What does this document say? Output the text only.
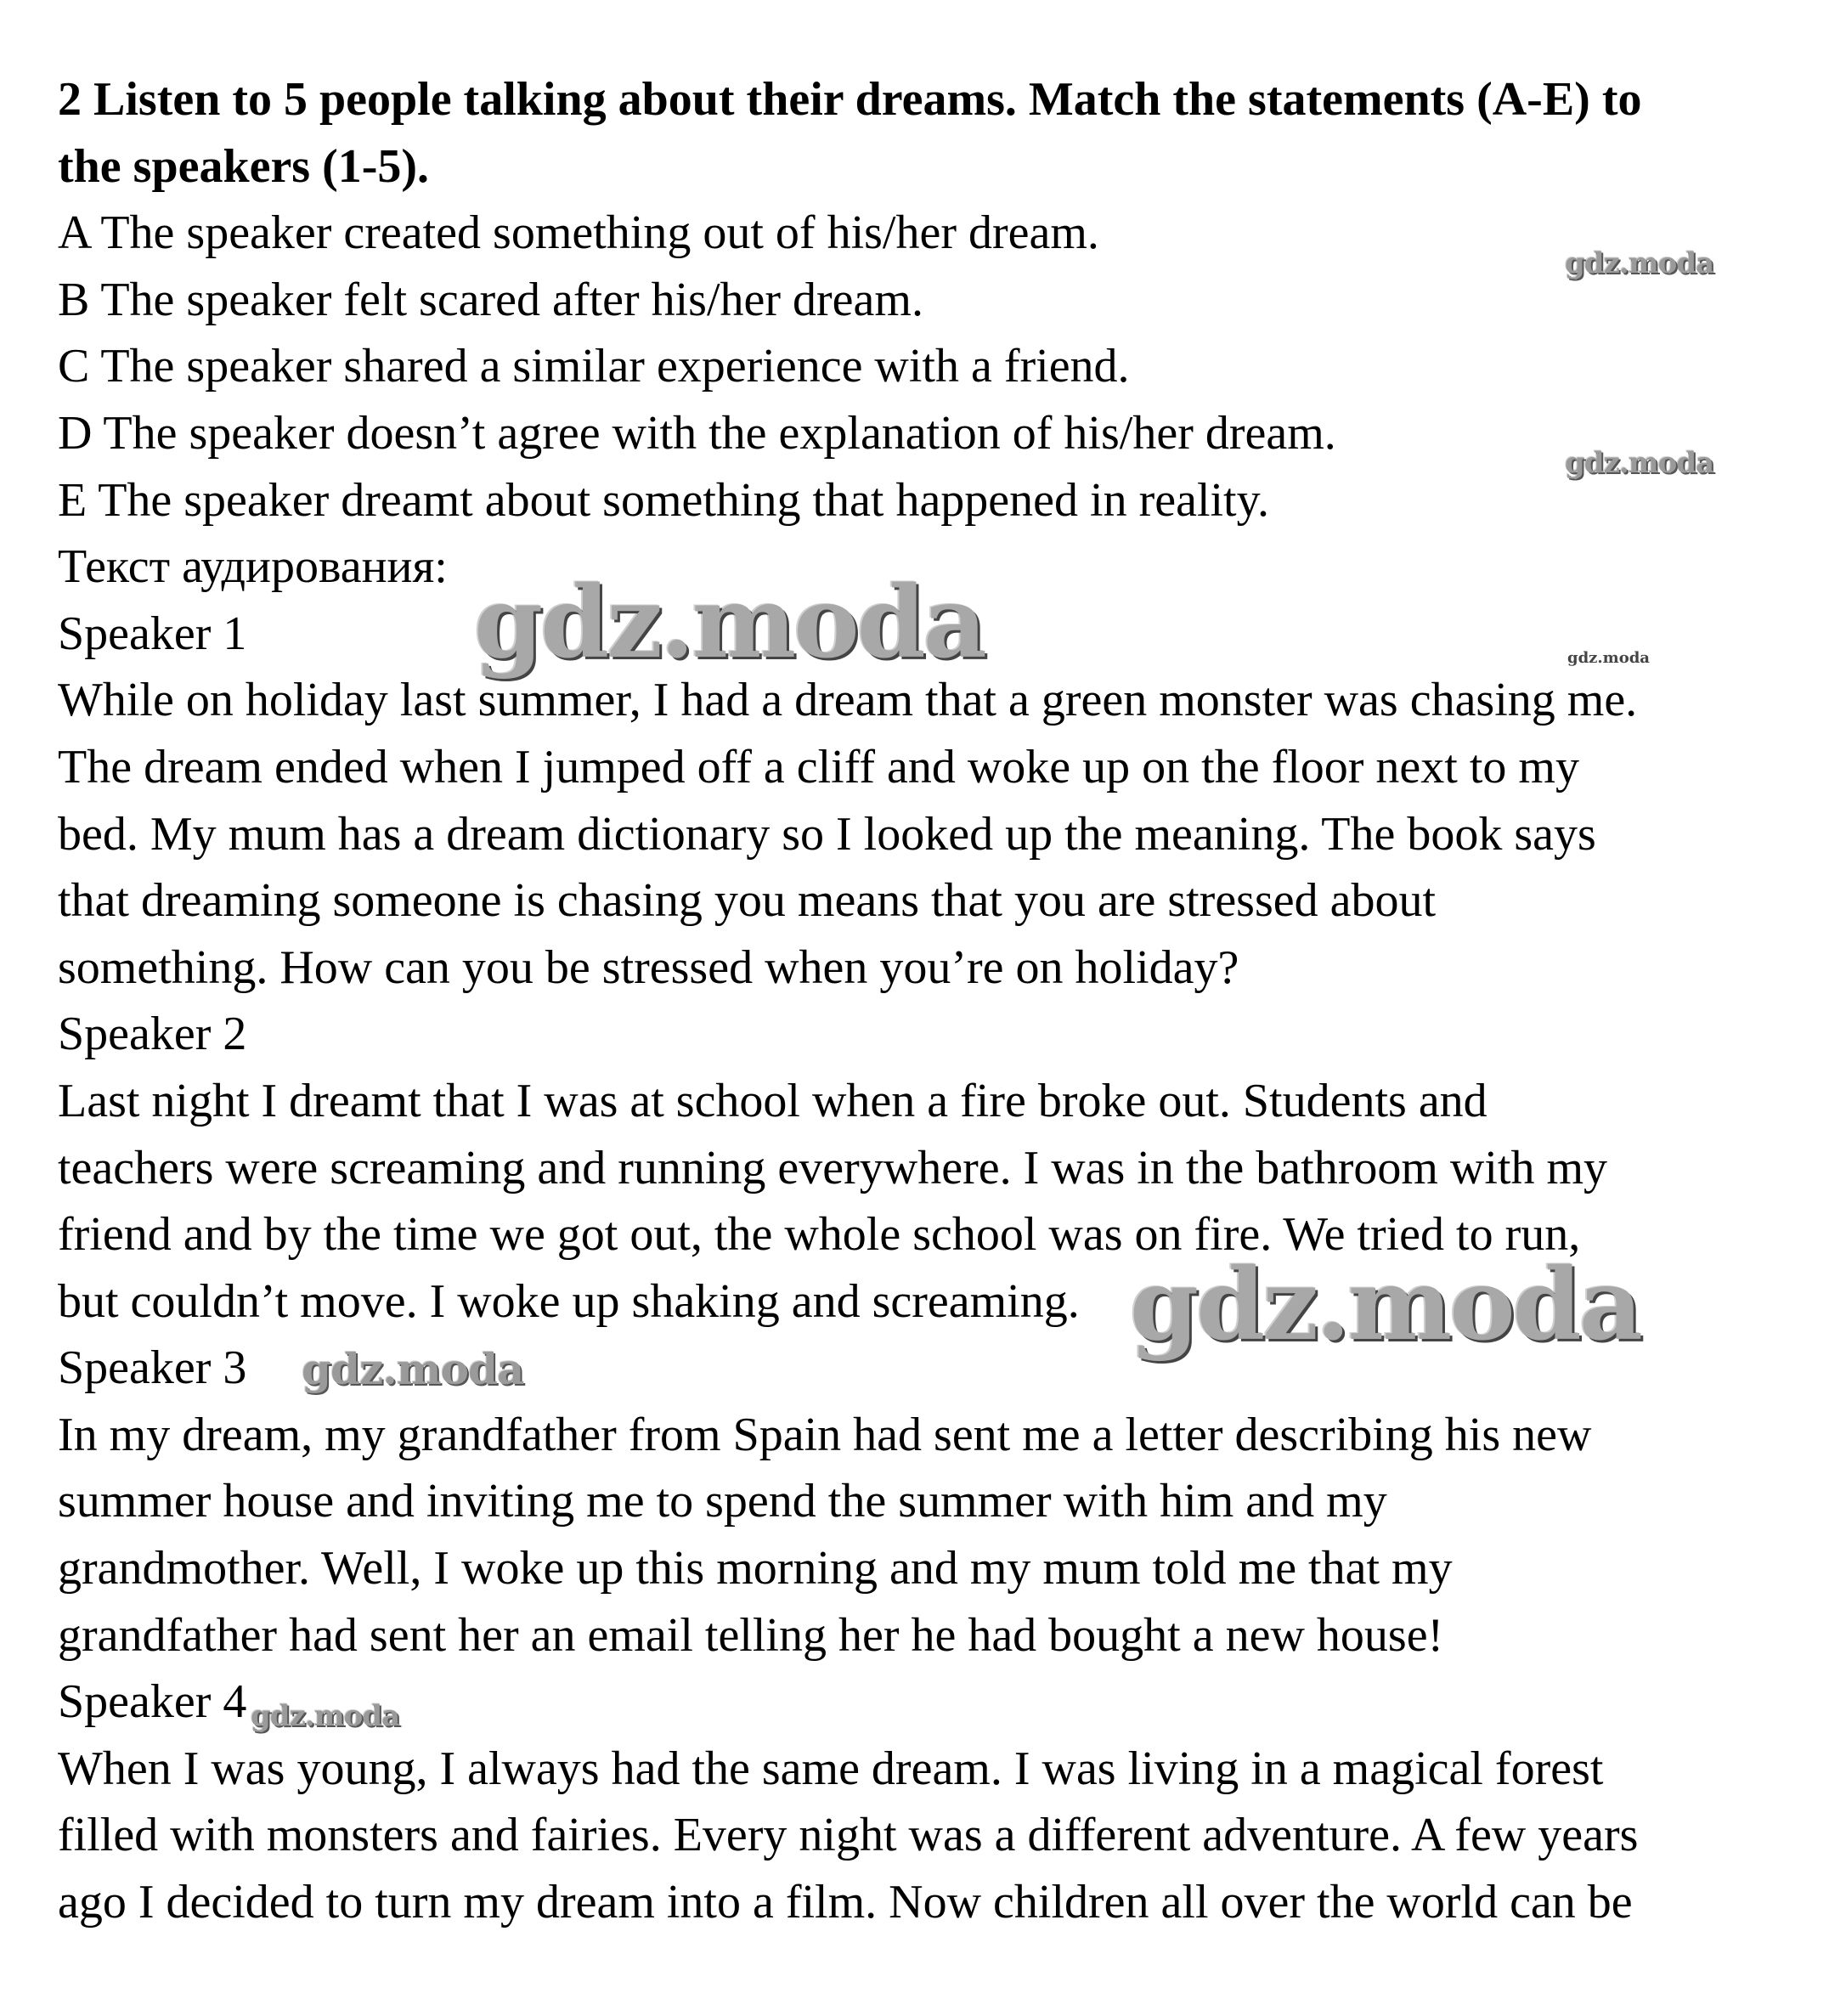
2 Listen to 5 people talking about their dreams. Match the statements (A-E) to
the speakers (1-5).
A The speaker created something out of his/her dream.
B The speaker felt scared after his/her dream.
C The speaker shared a similar experience with a friend.
D The speaker doesn’t agree with the explanation of his/her dream.
E The speaker dreamt about something that happened in reality.
Текст аудирования:
Speaker 1
While on holiday last summer, I had a dream that a green monster was chasing me.
The dream ended when I jumped off a cliff and woke up on the floor next to my
bed. My mum has a dream dictionary so I looked up the meaning. The book says
that dreaming someone is chasing you means that you are stressed about
something. How can you be stressed when you’re on holiday?
Speaker 2
Last night I dreamt that I was at school when a fire broke out. Students and
teachers were screaming and running everywhere. I was in the bathroom with my
friend and by the time we got out, the whole school was on fire. We tried to run,
but couldn’t move. I woke up shaking and screaming.
Speaker 3
In my dream, my grandfather from Spain had sent me a letter describing his new
summer house and inviting me to spend the summer with him and my
grandmother. Well, I woke up this morning and my mum told me that my
grandfather had sent her an email telling her he had bought a new house!
Speaker 4
When I was young, I always had the same dream. I was living in a magical forest
filled with monsters and fairies. Every night was a different adventure. A few years
ago I decided to turn my dream into a film. Now children all over the world can be
gdz.moda
gdz.moda
gdz.moda	gdz.moda
gdz.moda
gdz.moda
gdz.moda
